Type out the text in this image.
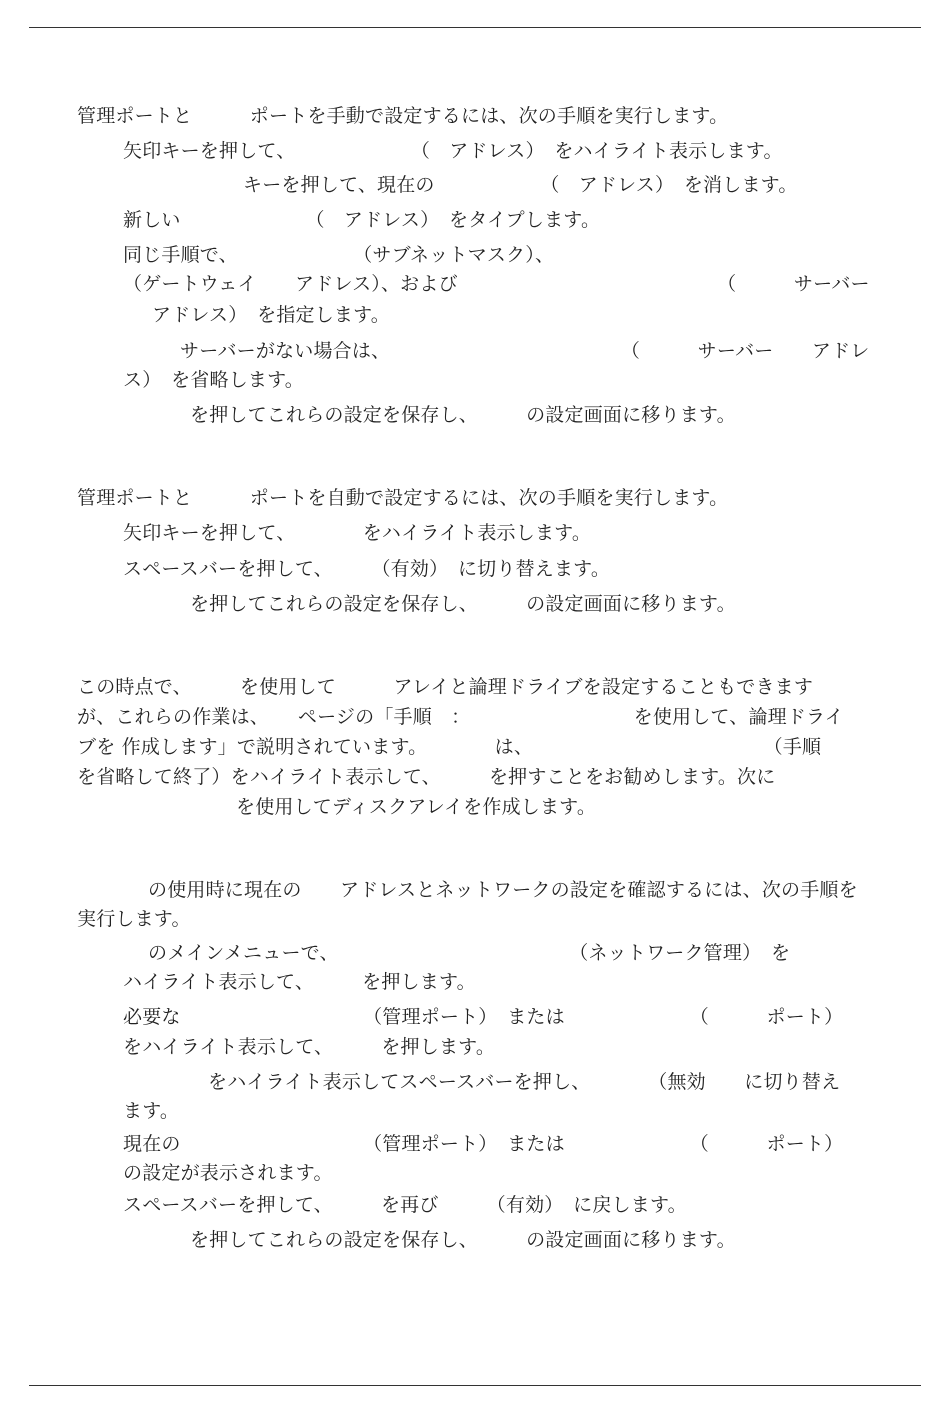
管理ポートと　　　ポートを手動で設定するには、次の手順を実行します。
矢印キーを押して、　　　　　　　（　アドレス）　をハイライト表示します。
キーを押して、現在の　　　　　　（　アドレス）　を消します。
新しい　　　　　　　（　アドレス）　をタイプします。
同じ手順で、　　　　　　　（サブネットマスク）、
（ゲートウェイ　　アドレス）、および　　　　　　　　　　　　　　（　　　サーバー
アドレス）　を指定します。
サーバーがない場合は、　　　　　　　　　　　　　（　　　サーバー　　アドレ
ス）　を省略します。
を押してこれらの設定を保存し、　　　の設定画面に移ります。
管理ポートと　　　ポートを自動で設定するには、次の手順を実行します。
矢印キーを押して、　　　　をハイライト表示します。
スペースバーを押して、　　　（有効）　に切り替えます。
を押してこれらの設定を保存し、　　　の設定画面に移ります。
この時点で、　　　を使用して　　　アレイと論理ドライブを設定することもできます
が、これらの作業は、　　ページの「手順　：　　　　　　　　　を使用して、論理ドライ
ブを 作成します」で説明されています。　　　　は、　　　　　　　　　　　　　（手順
を省略して終了）をハイライト表示して、　　　を押すことをお勧めします。次に
を使用してディスクアレイを作成します。
の使用時に現在の　　アドレスとネットワークの設定を確認するには、次の手順を
実行します。
のメインメニューで、　　　　　　　　　　　　　（ネットワーク管理）　を
ハイライト表示して、　　　を押します。
必要な　　　　　　　　　　（管理ポート）　または　　　　　　　（　　　ポート）
をハイライト表示して、　　　を押します。
をハイライト表示してスペースバーを押し、　　　　（無効　　に切り替え
ます。
現在の　　　　　　　　　　（管理ポート）　または　　　　　　　（　　　ポート）
の設定が表示されます。
スペースバーを押して、　　　を再び　　　（有効）　に戻します。
を押してこれらの設定を保存し、　　　の設定画面に移ります。
